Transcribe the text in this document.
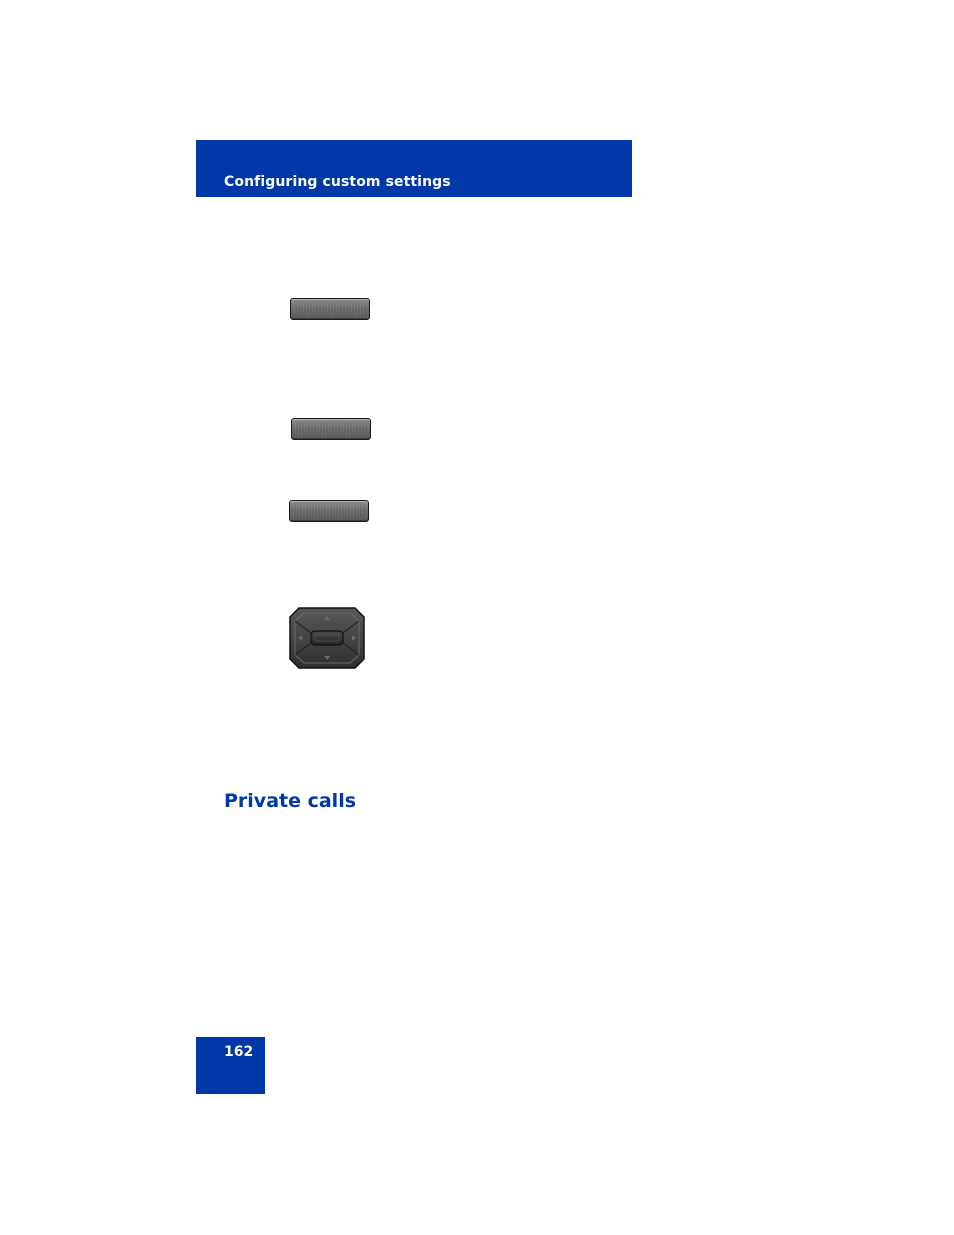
Configuring custom settings
Private calls
162
